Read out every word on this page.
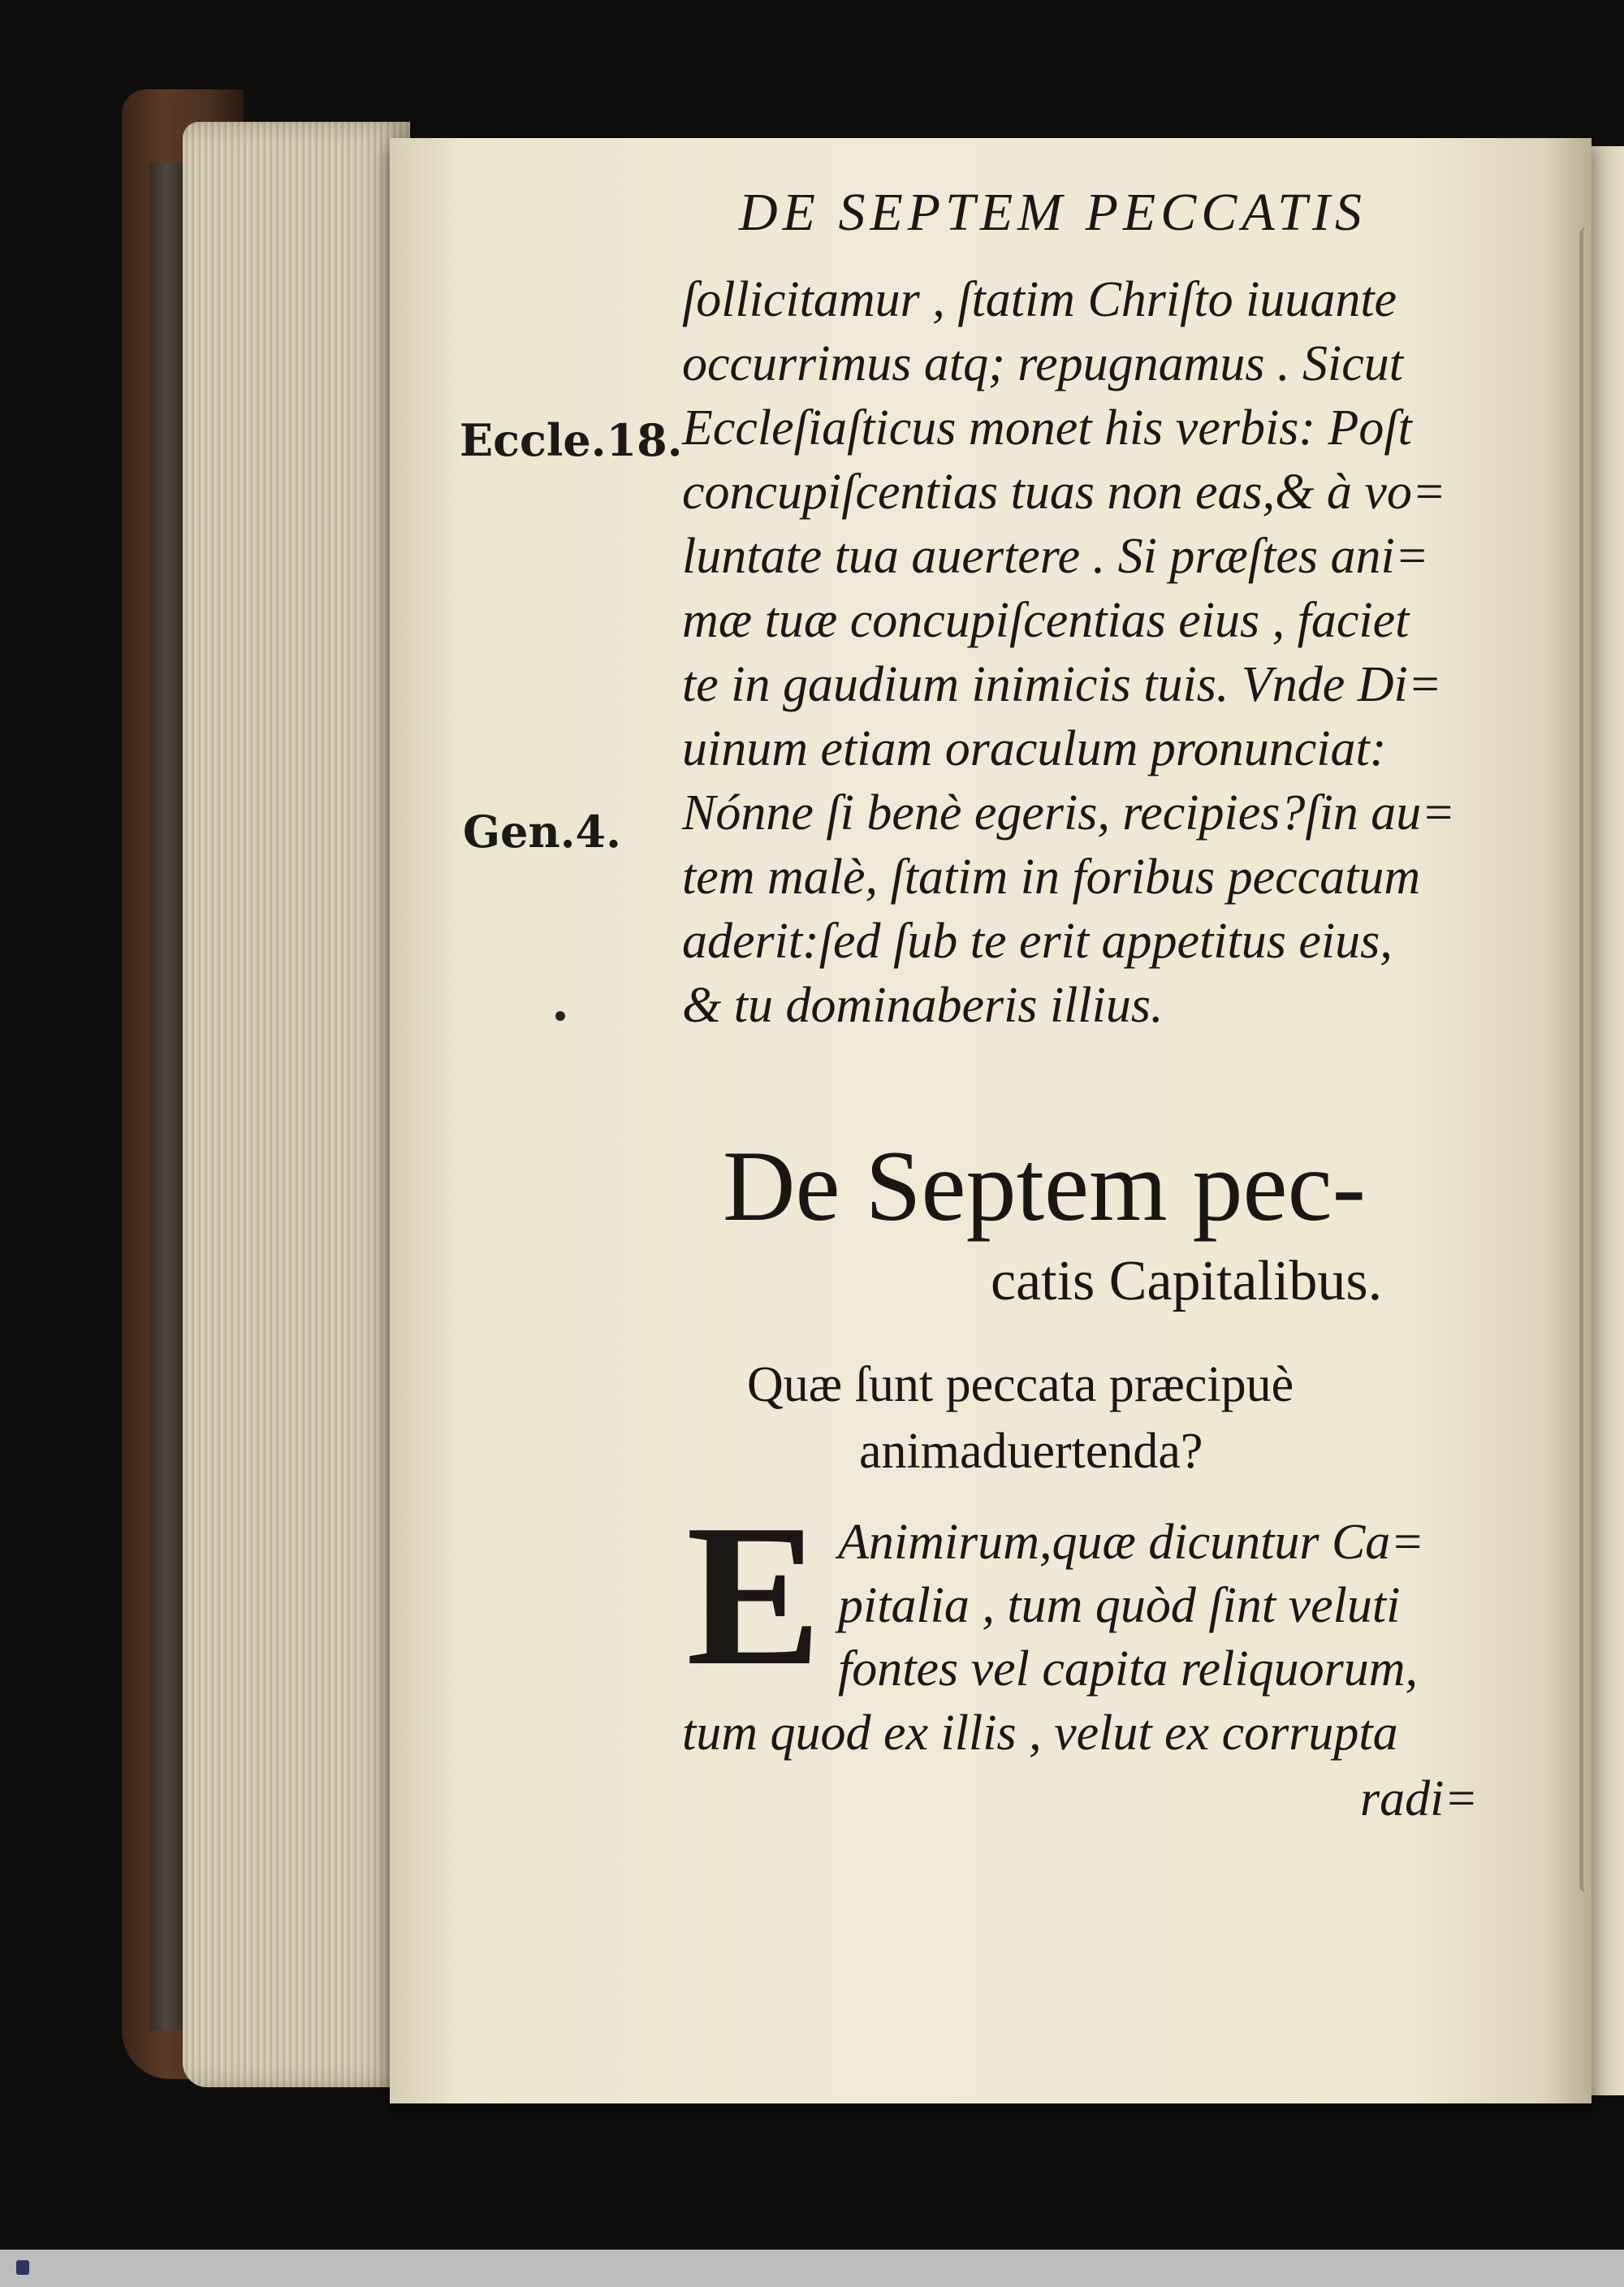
DE SEPTEM PECCATIS
Eccle.18.
Gen.4.
ſollicitamur , ſtatim Chriſto iuuante
occurrimus atq; repugnamus . Sicut
Eccleſiaſticus monet his verbis: Poſt
concupiſcentias tuas non eas,& à vo=
luntate tua auertere . Si præſtes ani=
mæ tuæ concupiſcentias eius , faciet
te in gaudium inimicis tuis. Vnde Di=
uinum etiam oraculum pronunciat:
Nónne ſi benè egeris, recipies?ſin au=
tem malè, ſtatim in foribus peccatum
aderit:ſed ſub te erit appetitus eius,
& tu dominaberis illius.
De Septem pec-
catis Capitalibus.
Quæ ſunt peccata præcipuè
animaduertenda?
E Animirum,quæ dicuntur Ca=
pitalia , tum quòd ſint veluti
fontes vel capita reliquorum,
tum quod ex illis , velut ex corrupta
radi=
